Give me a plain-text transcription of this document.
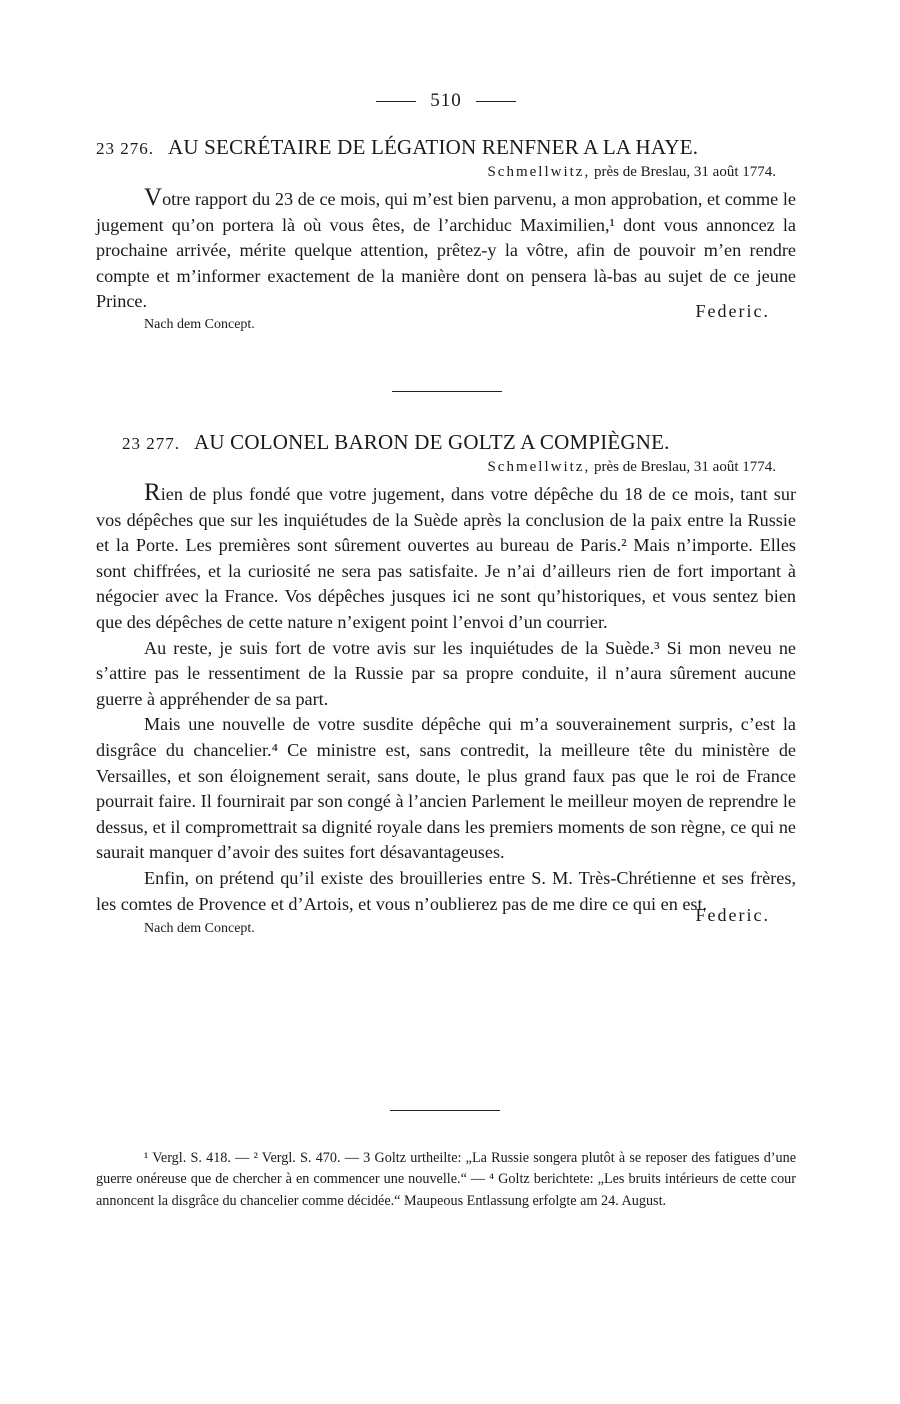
510
23 276. AU SECRÉTAIRE DE LÉGATION RENFNER A LA HAYE.
Schmellwitz, près de Breslau, 31 août 1774.

Votre rapport du 23 de ce mois, qui m’est bien parvenu, a mon approbation, et comme le jugement qu’on portera là où vous êtes, de l’archiduc Maximilien,¹ dont vous annoncez la prochaine arrivée, mérite quelque attention, prêtez-y la vôtre, afin de pouvoir m’en rendre compte et m’informer exactement de la manière dont on pensera là-bas au sujet de ce jeune Prince.	Federic.
Nach dem Concept.
23 277. AU COLONEL BARON DE GOLTZ A COMPIÈGNE.
Schmellwitz, près de Breslau, 31 août 1774.

Rien de plus fondé que votre jugement, dans votre dépêche du 18 de ce mois, tant sur vos dépêches que sur les inquiétudes de la Suède après la conclusion de la paix entre la Russie et la Porte. Les premières sont sûrement ouvertes au bureau de Paris.² Mais n’importe. Elles sont chiffrées, et la curiosité ne sera pas satisfaite. Je n’ai d’ailleurs rien de fort important à négocier avec la France. Vos dépêches jusques ici ne sont qu’historiques, et vous sentez bien que des dépêches de cette nature n’exigent point l’envoi d’un courrier.

Au reste, je suis fort de votre avis sur les inquiétudes de la Suède.³ Si mon neveu ne s’attire pas le ressentiment de la Russie par sa propre conduite, il n’aura sûrement aucune guerre à appréhender de sa part.

Mais une nouvelle de votre susdite dépêche qui m’a souverainement surpris, c’est la disgrâce du chancelier.⁴ Ce ministre est, sans contredit, la meilleure tête du ministère de Versailles, et son éloignement serait, sans doute, le plus grand faux pas que le roi de France pourrait faire. Il fournirait par son congé à l’ancien Parlement le meilleur moyen de reprendre le dessus, et il compromettrait sa dignité royale dans les premiers moments de son règne, ce qui ne saurait manquer d’avoir des suites fort désavantageuses.

Enfin, on prétend qu’il existe des brouilleries entre S. M. Très-Chrétienne et ses frères, les comtes de Provence et d’Artois, et vous n’oublierez pas de me dire ce qui en est.

Federic.
Nach dem Concept.

¹ Vergl. S. 418. — ² Vergl. S. 470. — 3 Goltz urtheilte: „La Russie songera plutôt à se reposer des fatigues d’une guerre onéreuse que de chercher à en commencer une nouvelle.“ — ⁴ Goltz berichtete: „Les bruits intérieurs de cette cour annoncent la disgrâce du chancelier comme décidée.“ Maupeous Entlassung erfolgte am 24. August.
